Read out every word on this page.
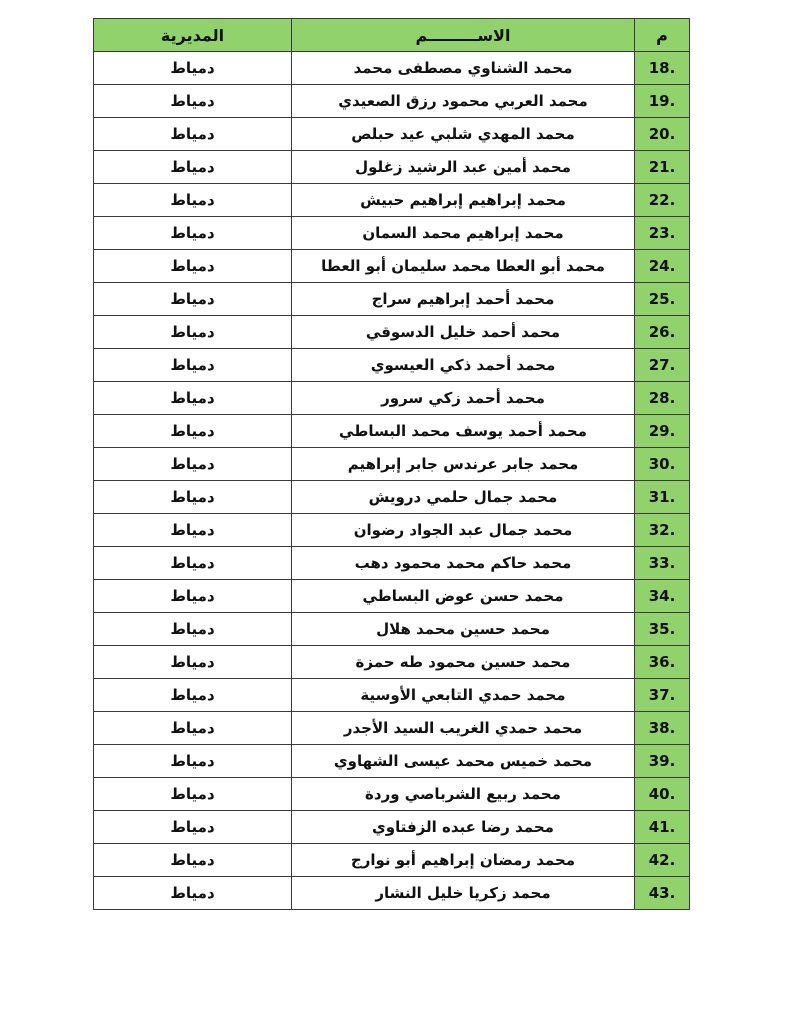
المديرية	الاســـــــــم	م
دمياط	محمد الشناوي مصطفى محمد	18.
دمياط	محمد العربي محمود رزق الصعيدي	19.
دمياط	محمد المهدي شلبي عيد حبلص	20.
دمياط	محمد أمين عبد الرشيد زغلول	21.
دمياط	محمد إبراهيم إبراهيم حبيش	22.
دمياط	محمد إبراهيم محمد السمان	23.
دمياط	محمد أبو العطا محمد سليمان أبو العطا	24.
دمياط	محمد أحمد إبراهيم سراج	25.
دمياط	محمد أحمد خليل الدسوقي	26.
دمياط	محمد أحمد ذكي العيسوي	27.
دمياط	محمد أحمد زكي سرور	28.
دمياط	محمد أحمد يوسف محمد البساطي	29.
دمياط	محمد جابر عرندس جابر إبراهيم	30.
دمياط	محمد جمال حلمي درويش	31.
دمياط	محمد جمال عبد الجواد رضوان	32.
دمياط	محمد حاكم محمد محمود دهب	33.
دمياط	محمد حسن عوض البساطي	34.
دمياط	محمد حسين محمد هلال	35.
دمياط	محمد حسين محمود طه حمزة	36.
دمياط	محمد حمدي التابعي الأوسية	37.
دمياط	محمد حمدي الغريب السيد الأجدر	38.
دمياط	محمد خميس محمد عيسى الشهاوي	39.
دمياط	محمد ربيع الشرباصي وردة	40.
دمياط	محمد رضا عبده الزفتاوي	41.
دمياط	محمد رمضان إبراهيم أبو نوارج	42.
دمياط	محمد زكريا خليل النشار	43.
